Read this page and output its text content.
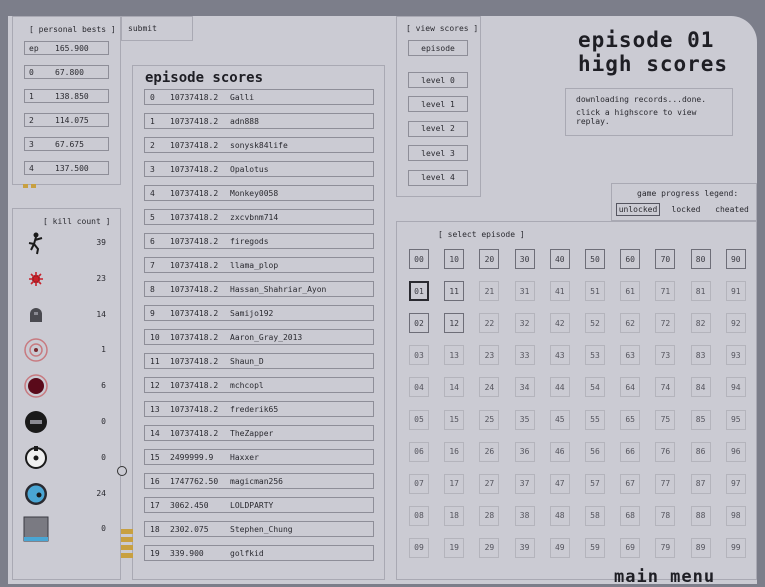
[ personal bests ]
ep	165.900
0	67.800
1	138.850
2	114.075
3	67.675
4	137.500
submit
[ kill count ]
39
23
14
1
6
0
0
24
0
episode scores
0 10737418.2 Galli
1 10737418.2 adn888
2 10737418.2 sonysk84life
3 10737418.2 Opalotus
4 10737418.2 Monkey0058
5 10737418.2 zxcvbnm714
6 10737418.2 firegods
7 10737418.2 llama_plop
8 10737418.2 Hassan_Shahriar_Ayon
9 10737418.2 Samijo192
10 10737418.2 Aaron_Gray_2013
11 10737418.2 Shaun_D
12 10737418.2 mchcopl
13 10737418.2 frederik65
14 10737418.2 TheZapper
15 2499999.9 Haxxer
16 1747762.50 magicman256
17 3062.450	LOLDPARTY
18 2302.075	Stephen_Chung
19 339.900	golfkid
[ view scores ]
episode
level 0
level 1
level 2
level 3
level 4
episode 01
high scores
downloading records...done.
click a highscore to view replay.
game progress legend:
unlocked locked cheated
[ select episode ]
00
01
02
03
04
05
06
07
08
09
10
11
12
13
14
15
16
17
18
19
20
21
22
23
24
25
26
27
28
29
30
31
32
33
34
35
36
37
38
39
40
41
42
43
44
45
46
47
48
49
50
51
52
53
54
55
56
57
58
59
60
61
62
63
64
65
66
67
68
69
70
71
72
73
74
75
76
77
78
79
80
81
82
83
84
85
86
87
88
89
90
91
92
93
94
95
96
97
98
99
main menu
